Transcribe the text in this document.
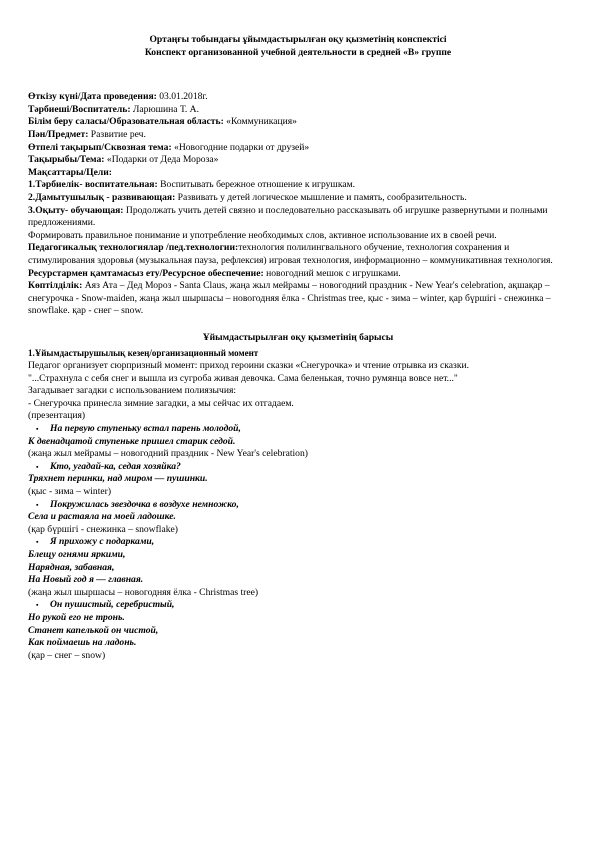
Ортаңғы тобындағы ұйымдастырылған оқу қызметінің конспектісі

Конспект организованной учебной деятельности в средней «В» группе

Өткізу күні/Дата проведения: 03.01.2018г.

Тәрбиеші/Воспитатель: Ларюшина Т. А.

Білім беру саласы/Образовательная область: «Коммуникация»

Пән/Предмет: Развитие реч.

Өтпелі тақырып/Сквозная тема: «Новогодние подарки от друзей»

Тақырыбы/Тема: «Подарки от Деда Мороза»

Мақсаттары/Цели:

1.Тәрбиелік- воспитательная: Воспитывать бережное отношение к игрушкам.

2.Дамытушылық - развивающая: Развивать у детей логическое мышление и память, сообразительность.

3.Оқыту- обучающая: Продолжать учить детей связно и последовательно рассказывать об игрушке развернутыми и полными предложениями.

Формировать правильное понимание и употребление необходимых слов, активное использование их в своей речи.

Педагогикалық технологиялар /пед.технологии:технология полилингвального обучение, технология сохранения и стимулирования здоровья (музыкальная пауза, рефлексия) игровая технология, информационно – коммуникативная технология.

Ресурстармен қамтамасыз ету/Ресурсное обеспечение: новогодний мешок с игрушками.

Көптілділік: Аяз Ата – Дед Мороз - Santa Claus, жаңа жыл мейрамы – новогодний праздник - New Year's celebration, ақшақар – снегурочка - Snow-maiden, жаңа жыл шыршасы – новогодняя ёлка - Christmas tree, қыс - зима – winter, қар бүршігі - снежинка – snowflake. қар - снег – snow.

Ұйымдастырылған оқу қызметінің барысы

1.Ұйымдастырушылық кезең/организационный момент

Педагог организует сюрпризный момент: приход героини сказки «Снегурочка» и чтение отрывка из сказки.

"...Страхнула с себя снег и вышла из сугроба живая девочка. Сама беленькая, точно румянца вовсе нет..."

Загадывает загадки с использованием полиязычия:

- Снегурочка принесла зимние загадки, а мы сейчас их отгадаем.

(презентация)

▪ На первую ступеньку встал парень молодой,

К двенадцатой ступеньке пришел старик седой.

(жаңа жыл мейрамы – новогодний праздник - New Year's celebration)

▪ Кто, угадай-ка, седая хозяйка?

Тряхнет перинки, над миром — пушинки.

(қыс - зима – winter)

▪ Покружилась звездочка в воздухе немножко,

Села и растаяла на моей ладошке.

(қар бүршігі - снежинка – snowflake)

▪ Я прихожу с подарками,

Блещу огнями яркими,

Нарядная, забавная,

На Новый год я — главная.

(жаңа жыл шыршасы – новогодняя ёлка - Christmas tree)

▪ Он пушистый, серебристый,

Но рукой его не тронь.

Станет капелькой он чистой,

Как поймаешь на ладонь.

(қар – снег – snow)
